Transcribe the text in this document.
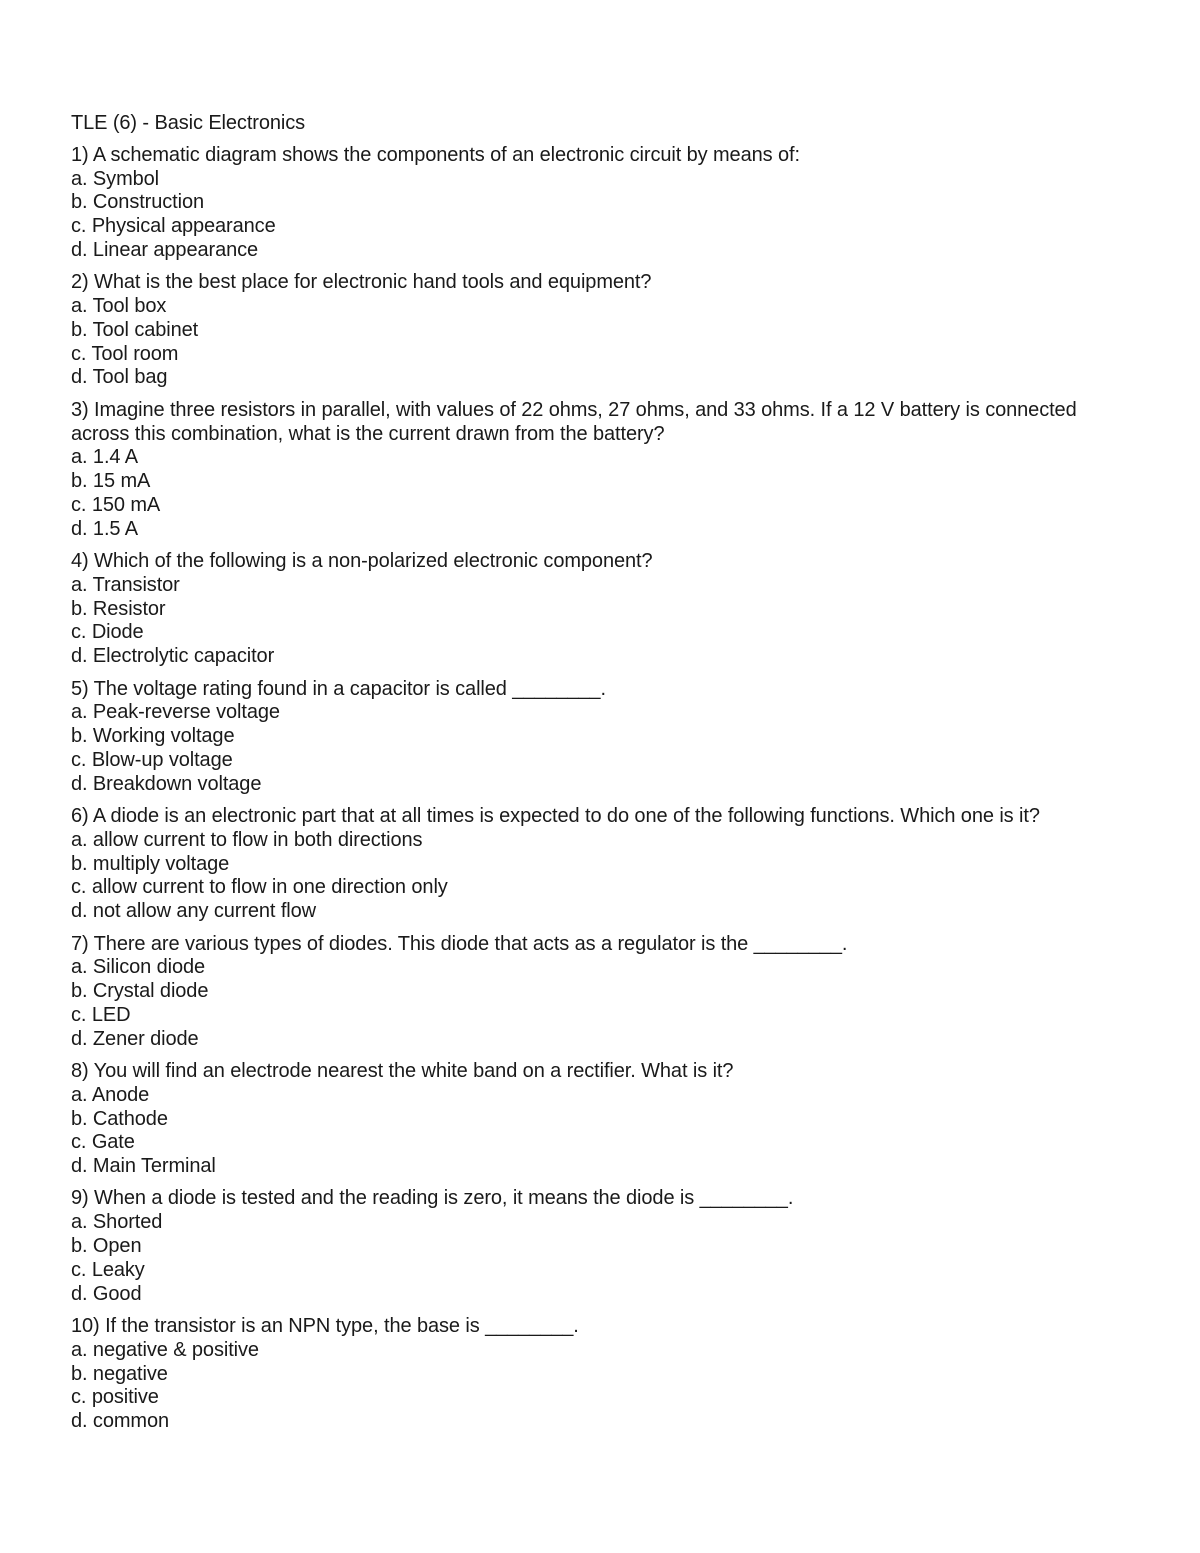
TLE (6) - Basic Electronics
1) A schematic diagram shows the components of an electronic circuit by means of:
a. Symbol
b. Construction
c. Physical appearance
d. Linear appearance
2) What is the best place for electronic hand tools and equipment?
a. Tool box
b. Tool cabinet
c. Tool room
d. Tool bag
3) Imagine three resistors in parallel, with values of 22 ohms, 27 ohms, and 33 ohms. If a 12 V battery is connected across this combination, what is the current drawn from the battery?
a. 1.4 A
b. 15 mA
c. 150 mA
d. 1.5 A
4) Which of the following is a non-polarized electronic component?
a. Transistor
b. Resistor
c. Diode
d. Electrolytic capacitor
5) The voltage rating found in a capacitor is called ________.
a. Peak-reverse voltage
b. Working voltage
c. Blow-up voltage
d. Breakdown voltage
6) A diode is an electronic part that at all times is expected to do one of the following functions. Which one is it?
a. allow current to flow in both directions
b. multiply voltage
c. allow current to flow in one direction only
d. not allow any current flow
7) There are various types of diodes. This diode that acts as a regulator is the ________.
a. Silicon diode
b. Crystal diode
c. LED
d. Zener diode
8) You will find an electrode nearest the white band on a rectifier. What is it?
a. Anode
b. Cathode
c. Gate
d. Main Terminal
9) When a diode is tested and the reading is zero, it means the diode is ________.
a. Shorted
b. Open
c. Leaky
d. Good
10) If the transistor is an NPN type, the base is ________.
a. negative & positive
b. negative
c. positive
d. common
